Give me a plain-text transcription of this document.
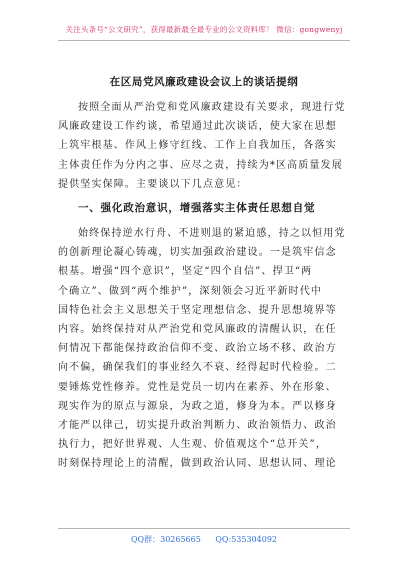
关注头条号“公文研究”，获得最新最全最专业的公文资料库！ 微信：gongwenyj
在区局党风廉政建设会议上的谈话提纲

按照全面从严治党和党风廉政建设有关要求，现进行党
风廉政建设工作约谈，希望通过此次谈话，使大家在思想
上筑牢根基、作风上修守红线、工作上自我加压，各落实
主体责任作为分内之事、应尽之责，持续为*区高质量发展
提供坚实保障。主要谈以下几点意见：

一、强化政治意识，增强落实主体责任思想自觉

始终保持逆水行舟、不进则退的紧迫感，持之以恒用党
的创新理论凝心铸魂，切实加强政治建设。一是筑牢信念
根基。增强“四个意识”，坚定“四个自信”、捍卫“两
个确立”、做到“两个维护”，深刻领会习近平新时代中
国特色社会主义思想关于坚定理想信念、提升思想境界等
内容。始终保持对从严治党和党风廉政的清醒认识，在任
何情况下都能保持政治信仰不变、政治立场不移、政治方
向不偏，确保我们的事业经久不衰、经得起时代检验。二
要锤炼党性修养。党性是党员一切内在素养、外在形象、
现实作为的原点与源泉，为政之道，修身为本。严以修身
才能严以律己，切实提升政治判断力、政治领悟力、政治
执行力，把好世界观、人生观、价值观这个“总开关”，
时刻保持理论上的清醒，做到政治认同、思想认同、理论

QQ群：30265665 QQ:535304092
